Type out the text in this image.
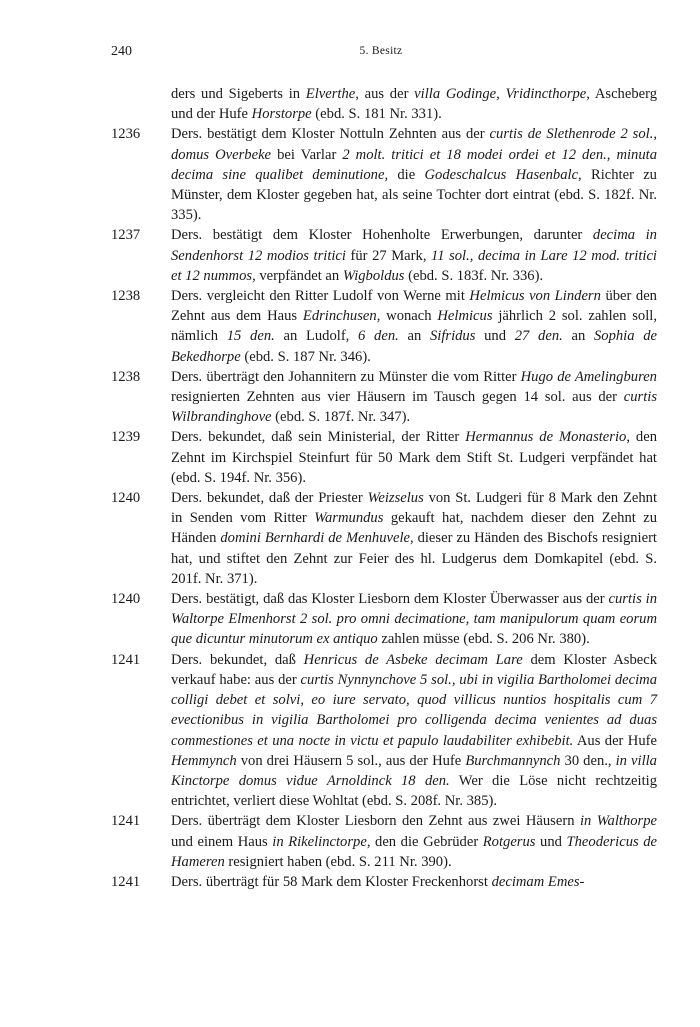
240	5. Besitz
ders und Sigeberts in Elverthe, aus der villa Godinge, Vridincthorpe, Ascheberg und der Hufe Horstorpe (ebd. S. 181 Nr. 331).
1236 Ders. bestätigt dem Kloster Nottuln Zehnten aus der curtis de Slethenrode 2 sol., domus Overbeke bei Varlar 2 molt. tritici et 18 modei ordei et 12 den., minuta decima sine qualibet deminutione, die Godeschalcus Hasenbalc, Richter zu Münster, dem Kloster gegeben hat, als seine Tochter dort eintrat (ebd. S. 182f. Nr. 335).
1237 Ders. bestätigt dem Kloster Hohenholte Erwerbungen, darunter decima in Sendenhorst 12 modios tritici für 27 Mark, 11 sol., decima in Lare 12 mod. tritici et 12 nummos, verpfändet an Wigboldus (ebd. S. 183f. Nr. 336).
1238 Ders. vergleicht den Ritter Ludolf von Werne mit Helmicus von Lindern über den Zehnt aus dem Haus Edrinchusen, wonach Helmicus jährlich 2 sol. zahlen soll, nämlich 15 den. an Ludolf, 6 den. an Sifridus und 27 den. an Sophia de Bekedhorpe (ebd. S. 187 Nr. 346).
1238 Ders. überträgt den Johannitern zu Münster die vom Ritter Hugo de Amelingburen resignierten Zehnten aus vier Häusern im Tausch gegen 14 sol. aus der curtis Wilbrandinghove (ebd. S. 187f. Nr. 347).
1239 Ders. bekundet, daß sein Ministerial, der Ritter Hermannus de Monasterio, den Zehnt im Kirchspiel Steinfurt für 50 Mark dem Stift St. Ludgeri verpfändet hat (ebd. S. 194f. Nr. 356).
1240 Ders. bekundet, daß der Priester Weizselus von St. Ludgeri für 8 Mark den Zehnt in Senden vom Ritter Warmundus gekauft hat, nachdem dieser den Zehnt zu Händen domini Bernhardi de Menhuvele, dieser zu Händen des Bischofs resigniert hat, und stiftet den Zehnt zur Feier des hl. Ludgerus dem Domkapitel (ebd. S. 201f. Nr. 371).
1240 Ders. bestätigt, daß das Kloster Liesborn dem Kloster Überwasser aus der curtis in Waltorpe Elmenhorst 2 sol. pro omni decimatione, tam manipulorum quam eorum que dicuntur minutorum ex antiquo zahlen müsse (ebd. S. 206 Nr. 380).
1241 Ders. bekundet, daß Henricus de Asbeke decimam Lare dem Kloster Asbeck verkauf habe: aus der curtis Nynnynchove 5 sol., ubi in vigilia Bartholomei decima colligi debet et solvi, eo iure servato, quod villicus nuntios hospitalis cum 7 evectionibus in vigilia Bartholomei pro colligenda decima venientes ad duas commestiones et una nocte in victu et papulo laudabiliter exhibebit. Aus der Hufe Hemmynch von drei Häusern 5 sol., aus der Hufe Burchmannynch 30 den., in villa Kinctorpe domus vidue Arnoldinck 18 den. Wer die Löse nicht rechtzeitig entrichtet, verliert diese Wohltat (ebd. S. 208f. Nr. 385).
1241 Ders. überträgt dem Kloster Liesborn den Zehnt aus zwei Häusern in Walthorpe und einem Haus in Rikelinctorpe, den die Gebrüder Rotgerus und Theodericus de Hameren resigniert haben (ebd. S. 211 Nr. 390).
1241 Ders. überträgt für 58 Mark dem Kloster Freckenhorst decimam Emes-
